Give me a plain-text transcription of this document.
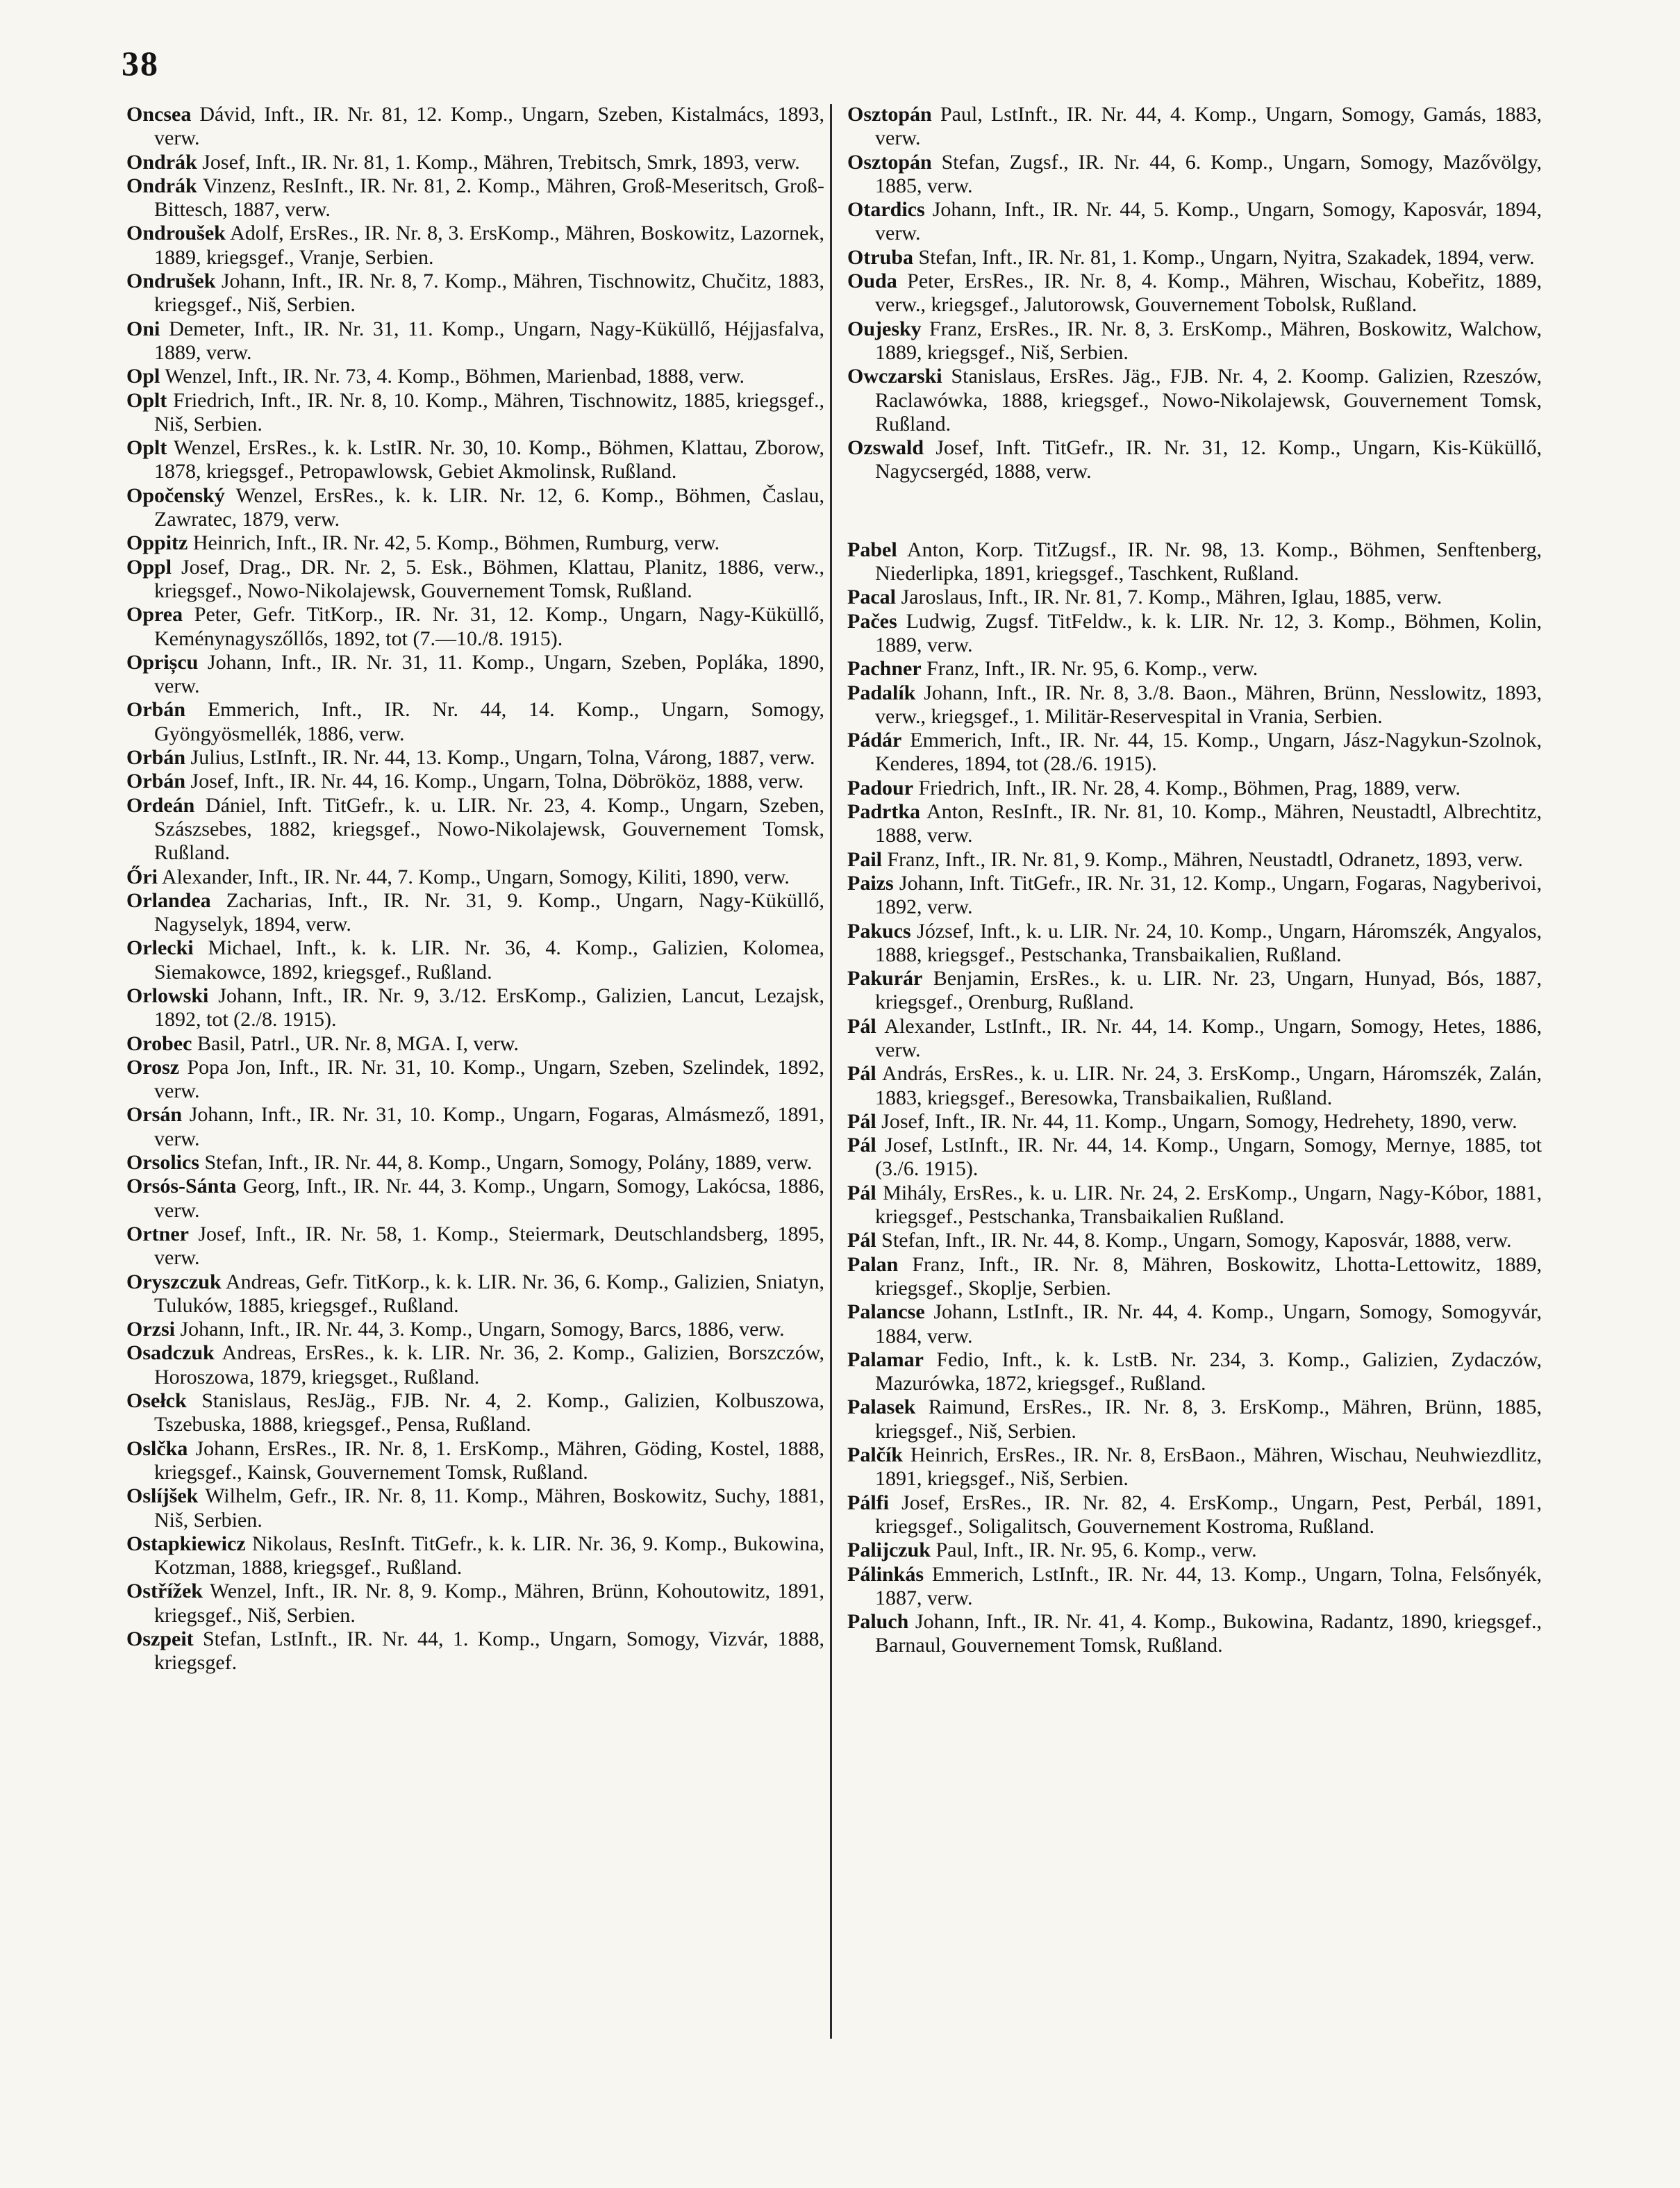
38

Oncsea Dávid, Inft., IR. Nr. 81, 12. Komp., Ungarn, Szeben, Kistalmács, 1893, verw.

Ondrák Josef, Inft., IR. Nr. 81, 1. Komp., Mähren, Trebitsch, Smrk, 1893, verw.

Ondrák Vinzenz, ResInft., IR. Nr. 81, 2. Komp., Mähren, Groß-Meseritsch, Groß-Bittesch, 1887, verw.

Ondroušek Adolf, ErsRes., IR. Nr. 8, 3. ErsKomp., Mähren, Boskowitz, Lazornek, 1889, kriegsgef., Vranje, Serbien.

Ondrušek Johann, Inft., IR. Nr. 8, 7. Komp., Mähren, Tischnowitz, Chučitz, 1883, kriegsgef., Niš, Serbien.

Oni Demeter, Inft., IR. Nr. 31, 11. Komp., Ungarn, Nagy-Küküllő, Héjjasfalva, 1889, verw.

Opl Wenzel, Inft., IR. Nr. 73, 4. Komp., Böhmen, Marienbad, 1888, verw.

Oplt Friedrich, Inft., IR. Nr. 8, 10. Komp., Mähren, Tischnowitz, 1885, kriegsgef., Niš, Serbien.

Oplt Wenzel, ErsRes., k. k. LstIR. Nr. 30, 10. Komp., Böhmen, Klattau, Zborow, 1878, kriegsgef., Petropawlowsk, Gebiet Akmolinsk, Rußland.

Opočenský Wenzel, ErsRes., k. k. LIR. Nr. 12, 6. Komp., Böhmen, Časlau, Zawratec, 1879, verw.

Oppitz Heinrich, Inft., IR. Nr. 42, 5. Komp., Böhmen, Rumburg, verw.

Oppl Josef, Drag., DR. Nr. 2, 5. Esk., Böhmen, Klattau, Planitz, 1886, verw., kriegsgef., Nowo-Nikolajewsk, Gouvernement Tomsk, Rußland.

Oprea Peter, Gefr. TitKorp., IR. Nr. 31, 12. Komp., Ungarn, Nagy-Küküllő, Keménynagyszőllős, 1892, tot (7.—10./8. 1915).

Oprișcu Johann, Inft., IR. Nr. 31, 11. Komp., Ungarn, Szeben, Popláka, 1890, verw.

Orbán Emmerich, Inft., IR. Nr. 44, 14. Komp., Ungarn, Somogy, Gyöngyösmellék, 1886, verw.

Orbán Julius, LstInft., IR. Nr. 44, 13. Komp., Ungarn, Tolna, Várong, 1887, verw.

Orbán Josef, Inft., IR. Nr. 44, 16. Komp., Ungarn, Tolna, Döbrököz, 1888, verw.

Ordeán Dániel, Inft. TitGefr., k. u. LIR. Nr. 23, 4. Komp., Ungarn, Szeben, Szászsebes, 1882, kriegsgef., Nowo-Nikolajewsk, Gouvernement Tomsk, Rußland.

Őri Alexander, Inft., IR. Nr. 44, 7. Komp., Ungarn, Somogy, Kiliti, 1890, verw.

Orlandea Zacharias, Inft., IR. Nr. 31, 9. Komp., Ungarn, Nagy-Küküllő, Nagyselyk, 1894, verw.

Orlecki Michael, Inft., k. k. LIR. Nr. 36, 4. Komp., Galizien, Kolomea, Siemakowce, 1892, kriegsgef., Rußland.

Orlowski Johann, Inft., IR. Nr. 9, 3./12. ErsKomp., Galizien, Lancut, Lezajsk, 1892, tot (2./8. 1915).

Orobec Basil, Patrl., UR. Nr. 8, MGA. I, verw.

Orosz Popa Jon, Inft., IR. Nr. 31, 10. Komp., Ungarn, Szeben, Szelindek, 1892, verw.

Orsán Johann, Inft., IR. Nr. 31, 10. Komp., Ungarn, Fogaras, Almásmező, 1891, verw.

Orsolics Stefan, Inft., IR. Nr. 44, 8. Komp., Ungarn, Somogy, Polány, 1889, verw.

Orsós-Sánta Georg, Inft., IR. Nr. 44, 3. Komp., Ungarn, Somogy, Lakócsa, 1886, verw.

Ortner Josef, Inft., IR. Nr. 58, 1. Komp., Steiermark, Deutschlandsberg, 1895, verw.

Oryszczuk Andreas, Gefr. TitKorp., k. k. LIR. Nr. 36, 6. Komp., Galizien, Sniatyn, Tuluków, 1885, kriegsgef., Rußland.

Orzsi Johann, Inft., IR. Nr. 44, 3. Komp., Ungarn, Somogy, Barcs, 1886, verw.

Osadczuk Andreas, ErsRes., k. k. LIR. Nr. 36, 2. Komp., Galizien, Borszczów, Horoszowa, 1879, kriegsget., Rußland.

Osełck Stanislaus, ResJäg., FJB. Nr. 4, 2. Komp., Galizien, Kolbuszowa, Tszebuska, 1888, kriegsgef., Pensa, Rußland.

Oslčka Johann, ErsRes., IR. Nr. 8, 1. ErsKomp., Mähren, Göding, Kostel, 1888, kriegsgef., Kainsk, Gouvernement Tomsk, Rußland.

Oslíjšek Wilhelm, Gefr., IR. Nr. 8, 11. Komp., Mähren, Boskowitz, Suchy, 1881, Niš, Serbien.

Ostapkiewicz Nikolaus, ResInft. TitGefr., k. k. LIR. Nr. 36, 9. Komp., Bukowina, Kotzman, 1888, kriegsgef., Rußland.

Ostřížek Wenzel, Inft., IR. Nr. 8, 9. Komp., Mähren, Brünn, Kohoutowitz, 1891, kriegsgef., Niš, Serbien.

Oszpeit Stefan, LstInft., IR. Nr. 44, 1. Komp., Ungarn, Somogy, Vizvár, 1888, kriegsgef.

Osztopán Paul, LstInft., IR. Nr. 44, 4. Komp., Ungarn, Somogy, Gamás, 1883, verw.

Osztopán Stefan, Zugsf., IR. Nr. 44, 6. Komp., Ungarn, Somogy, Mazővölgy, 1885, verw.

Otardics Johann, Inft., IR. Nr. 44, 5. Komp., Ungarn, Somogy, Kaposvár, 1894, verw.

Otruba Stefan, Inft., IR. Nr. 81, 1. Komp., Ungarn, Nyitra, Szakadek, 1894, verw.

Ouda Peter, ErsRes., IR. Nr. 8, 4. Komp., Mähren, Wischau, Kobeřitz, 1889, verw., kriegsgef., Jalutorowsk, Gouvernement Tobolsk, Rußland.

Oujesky Franz, ErsRes., IR. Nr. 8, 3. ErsKomp., Mähren, Boskowitz, Walchow, 1889, kriegsgef., Niš, Serbien.

Owczarski Stanislaus, ErsRes. Jäg., FJB. Nr. 4, 2. Koomp. Galizien, Rzeszów, Raclawówka, 1888, kriegsgef., Nowo-Nikolajewsk, Gouvernement Tomsk, Rußland.

Ozswald Josef, Inft. TitGefr., IR. Nr. 31, 12. Komp., Ungarn, Kis-Küküllő, Nagycsergéd, 1888, verw.

Pabel Anton, Korp. TitZugsf., IR. Nr. 98, 13. Komp., Böhmen, Senftenberg, Niederlipka, 1891, kriegsgef., Taschkent, Rußland.

Pacal Jaroslaus, Inft., IR. Nr. 81, 7. Komp., Mähren, Iglau, 1885, verw.

Pačes Ludwig, Zugsf. TitFeldw., k. k. LIR. Nr. 12, 3. Komp., Böhmen, Kolin, 1889, verw.

Pachner Franz, Inft., IR. Nr. 95, 6. Komp., verw.

Padalík Johann, Inft., IR. Nr. 8, 3./8. Baon., Mähren, Brünn, Nesslowitz, 1893, verw., kriegsgef., 1. Militär-Reservespital in Vrania, Serbien.

Pádár Emmerich, Inft., IR. Nr. 44, 15. Komp., Ungarn, Jász-Nagykun-Szolnok, Kenderes, 1894, tot (28./6. 1915).

Padour Friedrich, Inft., IR. Nr. 28, 4. Komp., Böhmen, Prag, 1889, verw.

Padrtka Anton, ResInft., IR. Nr. 81, 10. Komp., Mähren, Neustadtl, Albrechtitz, 1888, verw.

Pail Franz, Inft., IR. Nr. 81, 9. Komp., Mähren, Neustadtl, Odranetz, 1893, verw.

Paizs Johann, Inft. TitGefr., IR. Nr. 31, 12. Komp., Ungarn, Fogaras, Nagyberivoi, 1892, verw.

Pakucs József, Inft., k. u. LIR. Nr. 24, 10. Komp., Ungarn, Háromszék, Angyalos, 1888, kriegsgef., Pestschanka, Transbaikalien, Rußland.

Pakurár Benjamin, ErsRes., k. u. LIR. Nr. 23, Ungarn, Hunyad, Bós, 1887, kriegsgef., Orenburg, Rußland.

Pál Alexander, LstInft., IR. Nr. 44, 14. Komp., Ungarn, Somogy, Hetes, 1886, verw.

Pál András, ErsRes., k. u. LIR. Nr. 24, 3. ErsKomp., Ungarn, Háromszék, Zalán, 1883, kriegsgef., Beresowka, Transbaikalien, Rußland.

Pál Josef, Inft., IR. Nr. 44, 11. Komp., Ungarn, Somogy, Hedrehety, 1890, verw.

Pál Josef, LstInft., IR. Nr. 44, 14. Komp., Ungarn, Somogy, Mernye, 1885, tot (3./6. 1915).

Pál Mihály, ErsRes., k. u. LIR. Nr. 24, 2. ErsKomp., Ungarn, Nagy-Kóbor, 1881, kriegsgef., Pestschanka, Transbaikalien Rußland.

Pál Stefan, Inft., IR. Nr. 44, 8. Komp., Ungarn, Somogy, Kaposvár, 1888, verw.

Palan Franz, Inft., IR. Nr. 8, Mähren, Boskowitz, Lhotta-Lettowitz, 1889, kriegsgef., Skoplje, Serbien.

Palancse Johann, LstInft., IR. Nr. 44, 4. Komp., Ungarn, Somogy, Somogyvár, 1884, verw.

Palamar Fedio, Inft., k. k. LstB. Nr. 234, 3. Komp., Galizien, Zydaczów, Mazurówka, 1872, kriegsgef., Rußland.

Palasek Raimund, ErsRes., IR. Nr. 8, 3. ErsKomp., Mähren, Brünn, 1885, kriegsgef., Niš, Serbien.

Palčík Heinrich, ErsRes., IR. Nr. 8, ErsBaon., Mähren, Wischau, Neuhwiezdlitz, 1891, kriegsgef., Niš, Serbien.

Pálfi Josef, ErsRes., IR. Nr. 82, 4. ErsKomp., Ungarn, Pest, Perbál, 1891, kriegsgef., Soligalitsch, Gouvernement Kostroma, Rußland.

Palijczuk Paul, Inft., IR. Nr. 95, 6. Komp., verw.

Pálinkás Emmerich, LstInft., IR. Nr. 44, 13. Komp., Ungarn, Tolna, Felsőnyék, 1887, verw.

Paluch Johann, Inft., IR. Nr. 41, 4. Komp., Bukowina, Radantz, 1890, kriegsgef., Barnaul, Gouvernement Tomsk, Rußland.
